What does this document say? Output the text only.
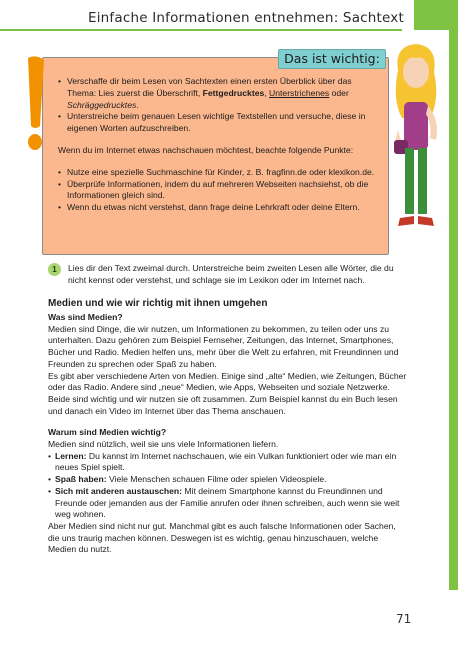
Einfache Informationen entnehmen: Sachtext
Das ist wichtig:
• Verschaffe dir beim Lesen von Sachtexten einen ersten Überblick über das Thema: Lies zuerst die Überschrift, Fettgedrucktes, Unterstrichenes oder Schräggedrucktes.
• Unterstreiche beim genauen Lesen wichtige Textstellen und versuche, diese in eigenen Worten aufzuschreiben.

Wenn du im Internet etwas nachschauen möchtest, beachte folgende Punkte:

• Nutze eine spezielle Suchmaschine für Kinder, z. B. fragfinn.de oder klexikon.de.
• Überprüfe Informationen, indem du auf mehreren Webseiten nachsiehst, ob die Informationen gleich sind.
• Wenn du etwas nicht verstehst, dann frage deine Lehrkraft oder deine Eltern.
1	Lies dir den Text zweimal durch. Unterstreiche beim zweiten Lesen alle Wörter, die du nicht kennst oder verstehst, und schlage sie im Lexikon oder im Internet nach.
Medien und wie wir richtig mit ihnen umgehen

Was sind Medien?

Medien sind Dinge, die wir nutzen, um Informationen zu bekommen, zu teilen oder uns zu unterhalten. Dazu gehören zum Beispiel Fernseher, Zeitungen, das Internet, Smartphones, Bücher und Radio. Medien helfen uns, mehr über die Welt zu erfahren, mit Freundinnen und Freunden zu sprechen oder Spaß zu haben.

Es gibt aber verschiedene Arten von Medien. Einige sind „alte“ Medien, wie Zeitungen, Bücher oder das Radio. Andere sind „neue“ Medien, wie Apps, Webseiten und soziale Netzwerke. Beide sind wichtig und wir nutzen sie oft zusammen. Zum Beispiel kannst du ein Buch lesen und danach ein Video im Internet über das Thema anschauen.

Warum sind Medien wichtig?

Medien sind nützlich, weil sie uns viele Informationen liefern.

• Lernen: Du kannst im Internet nachschauen, wie ein Vulkan funktioniert oder wie man ein neues Spiel spielt.
• Spaß haben: Viele Menschen schauen Filme oder spielen Videospiele.
• Sich mit anderen austauschen: Mit deinem Smartphone kannst du Freundinnen und Freunde oder jemanden aus der Familie anrufen oder ihnen schreiben, auch wenn sie weit weg wohnen.

Aber Medien sind nicht nur gut. Manchmal gibt es auch falsche Informationen oder Sachen, die uns traurig machen können. Deswegen ist es wichtig, genau hinzuschauen, welche Medien du nutzt.

71
